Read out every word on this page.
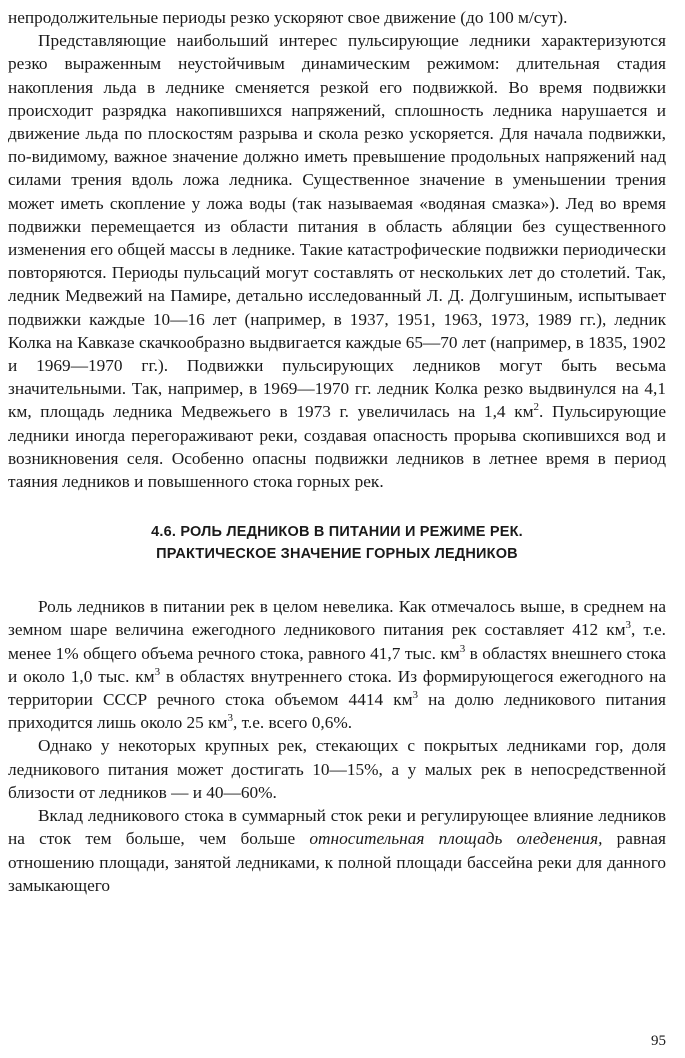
непродолжительные периоды резко ускоряют свое движение (до 100 м/сут).

Представляющие наибольший интерес пульсирующие ледники характеризуются резко выраженным неустойчивым динамическим режимом: длительная стадия накопления льда в леднике сменяется резкой его подвижкой. Во время подвижки происходит разрядка накопившихся напряжений, сплошность ледника нарушается и движение льда по плоскостям разрыва и скола резко ускоряется. Для начала подвижки, по-видимому, важное значение должно иметь превышение продольных напряжений над силами трения вдоль ложа ледника. Существенное значение в уменьшении трения может иметь скопление у ложа воды (так называемая «водяная смазка»). Лед во время подвижки перемещается из области питания в область абляции без существенного изменения его общей массы в леднике. Такие катастрофические подвижки периодически повторяются. Периоды пульсаций могут составлять от нескольких лет до столетий. Так, ледник Медвежий на Памире, детально исследованный Л. Д. Долгушиным, испытывает подвижки каждые 10—16 лет (например, в 1937, 1951, 1963, 1973, 1989 гг.), ледник Колка на Кавказе скачкообразно выдвигается каждые 65—70 лет (например, в 1835, 1902 и 1969—1970 гг.). Подвижки пульсирующих ледников могут быть весьма значительными. Так, например, в 1969—1970 гг. ледник Колка резко выдвинулся на 4,1 км, площадь ледника Медвежьего в 1973 г. увеличилась на 1,4 $км^2$. Пульсирующие ледники иногда перегораживают реки, создавая опасность прорыва скопившихся вод и возникновения селя. Особенно опасны подвижки ледников в летнее время в период таяния ледников и повышенного стока горных рек.

4.6. РОЛЬ ЛЕДНИКОВ В ПИТАНИИ И РЕЖИМЕ РЕК.
ПРАКТИЧЕСКОЕ ЗНАЧЕНИЕ ГОРНЫХ ЛЕДНИКОВ

Роль ледников в питании рек в целом невелика. Как отмечалось выше, в среднем на земном шаре величина ежегодного ледникового питания рек составляет 412 $км^3$, т.е. менее 1% общего объема речного стока, равного 41,7 тыс. $км^3$ в областях внешнего стока и около 1,0 тыс. $км^3$ в областях внутреннего стока. Из формирующегося ежегодного на территории СССР речного стока объемом 4414 $км^3$ на долю ледникового питания приходится лишь около 25 $км^3$, т.е. всего 0,6%.

Однако у некоторых крупных рек, стекающих с покрытых ледниками гор, доля ледникового питания может достигать 10—15%, а у малых рек в непосредственной близости от ледников — и 40—60%.

Вклад ледникового стока в суммарный сток реки и регулирующее влияние ледников на сток тем больше, чем больше относительная площадь оледенения, равная отношению площади, занятой ледниками, к полной площади бассейна реки для данного замыкающего

95
